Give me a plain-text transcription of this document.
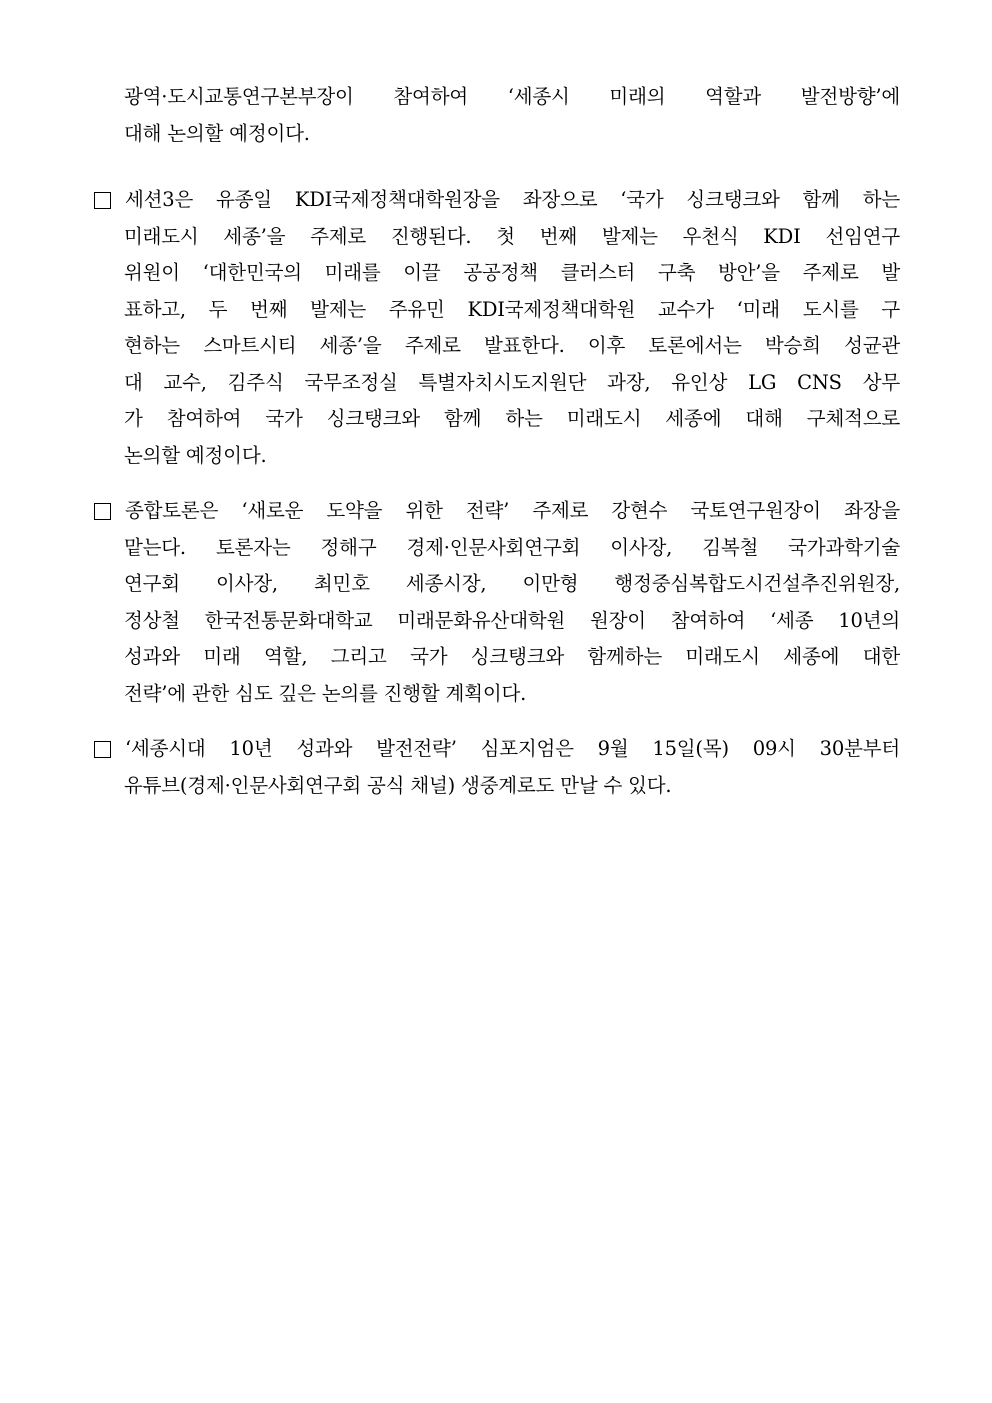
광역·도시교통연구본부장이 참여하여 ‘세종시 미래의 역할과 발전방향’에
대해 논의할 예정이다.
세션3은 유종일 KDI국제정책대학원장을 좌장으로 ‘국가 싱크탱크와 함께 하는
미래도시 세종’을 주제로 진행된다. 첫 번째 발제는 우천식 KDI 선임연구
위원이 ‘대한민국의 미래를 이끌 공공정책 클러스터 구축 방안’을 주제로 발
표하고, 두 번째 발제는 주유민 KDI국제정책대학원 교수가 ‘미래 도시를 구
현하는 스마트시티 세종’을 주제로 발표한다. 이후 토론에서는 박승희 성균관
대 교수, 김주식 국무조정실 특별자치시도지원단 과장, 유인상 LG CNS 상무
가 참여하여 국가 싱크탱크와 함께 하는 미래도시 세종에 대해 구체적으로
논의할 예정이다.
종합토론은 ‘새로운 도약을 위한 전략’ 주제로 강현수 국토연구원장이 좌장을
맡는다. 토론자는 정해구 경제·인문사회연구회 이사장, 김복철 국가과학기술
연구회 이사장, 최민호 세종시장, 이만형 행정중심복합도시건설추진위원장,
정상철 한국전통문화대학교 미래문화유산대학원 원장이 참여하여 ‘세종 10년의
성과와 미래 역할, 그리고 국가 싱크탱크와 함께하는 미래도시 세종에 대한
전략’에 관한 심도 깊은 논의를 진행할 계획이다.
‘세종시대 10년 성과와 발전전략’ 심포지엄은 9월 15일(목) 09시 30분부터
유튜브(경제·인문사회연구회 공식 채널) 생중계로도 만날 수 있다.
